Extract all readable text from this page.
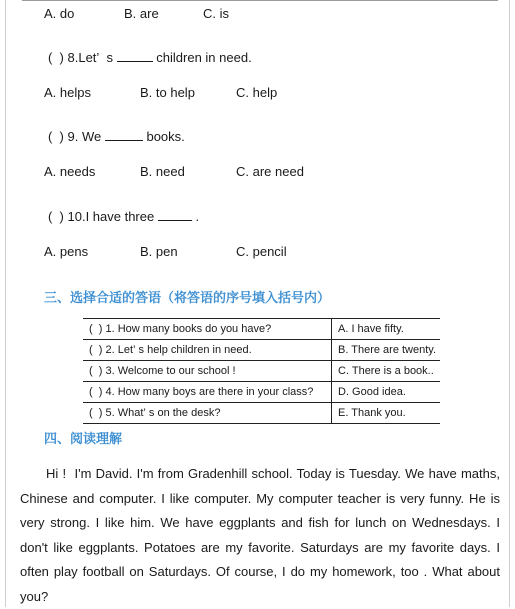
A. do	B. are	C. is
(  ) 8.Let’  s	children in need.
A. helps	B. to help	C. help
(  ) 9. We	books.
A. needs	B. need	C. are need
(  ) 10.I have three	.
A. pens	B. pen	C. pencil
三、选择合适的答语（将答语的序号填入括号内）
(  ) 1. How many books do you have?	A. I have fifty.
(  ) 2. Let’ s help children in need.	B. There are twenty.
(  ) 3. Welcome to our school !	C. There is a book..
(  ) 4. How many boys are there in your class?	D. Good idea.
(  ) 5. What’ s on the desk?	E. Thank you.
四、阅读理解
Hi !  I'm David. I'm from Gradenhill school. Today is Tuesday. We have maths, Chinese and computer. I like computer. My computer teacher is very funny. He is very strong. I like him. We have eggplants and fish for lunch on Wednesdays. I don't like eggplants. Potatoes are my favorite. Saturdays are my favorite days. I often play football on Saturdays. Of course, I do my homework, too . What about you?
